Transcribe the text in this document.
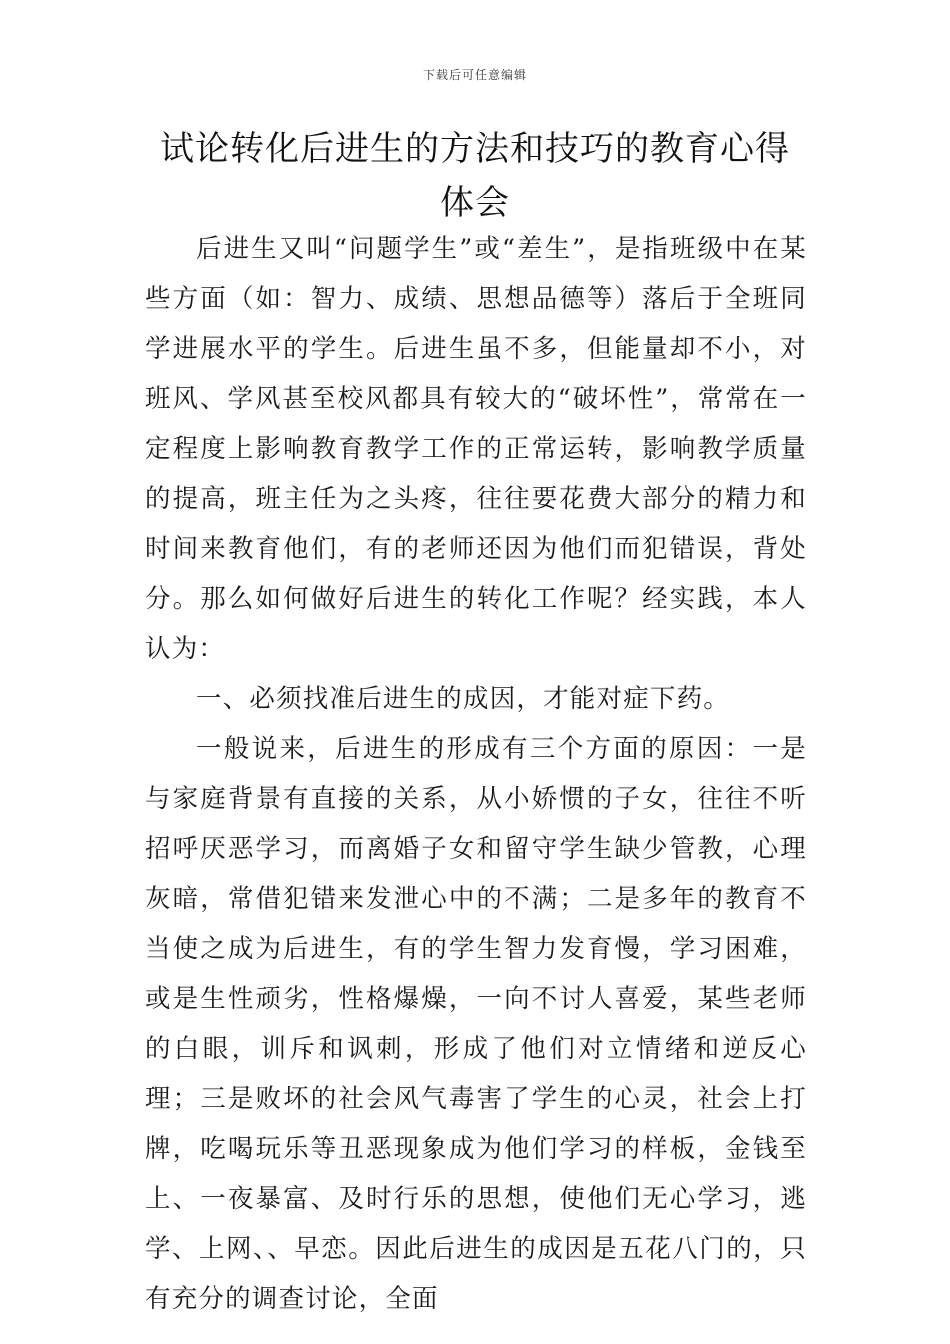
下载后可任意编辑
试论转化后进生的方法和技巧的教育心得体会

后进生又叫“问题学生”或“差生”，是指班级中在某些方面（如：智力、成绩、思想品德等）落后于全班同学进展水平的学生。后进生虽不多，但能量却不小，对班风、学风甚至校风都具有较大的“破坏性”，常常在一定程度上影响教育教学工作的正常运转，影响教学质量的提高，班主任为之头疼，往往要花费大部分的精力和时间来教育他们，有的老师还因为他们而犯错误，背处分。那么如何做好后进生的转化工作呢？经实践，本人认为：

一、必须找准后进生的成因，才能对症下药。

一般说来，后进生的形成有三个方面的原因：一是与家庭背景有直接的关系，从小娇惯的子女，往往不听招呼厌恶学习，而离婚子女和留守学生缺少管教，心理灰暗，常借犯错来发泄心中的不满；二是多年的教育不当使之成为后进生，有的学生智力发育慢，学习困难，或是生性顽劣，性格爆燥，一向不讨人喜爱，某些老师的白眼，训斥和讽刺，形成了他们对立情绪和逆反心理；三是败坏的社会风气毒害了学生的心灵，社会上打牌，吃喝玩乐等丑恶现象成为他们学习的样板，金钱至上、一夜暴富、及时行乐的思想，使他们无心学习，逃学、上网、、早恋。因此后进生的成因是五花八门的，只有充分的调查讨论，全面
